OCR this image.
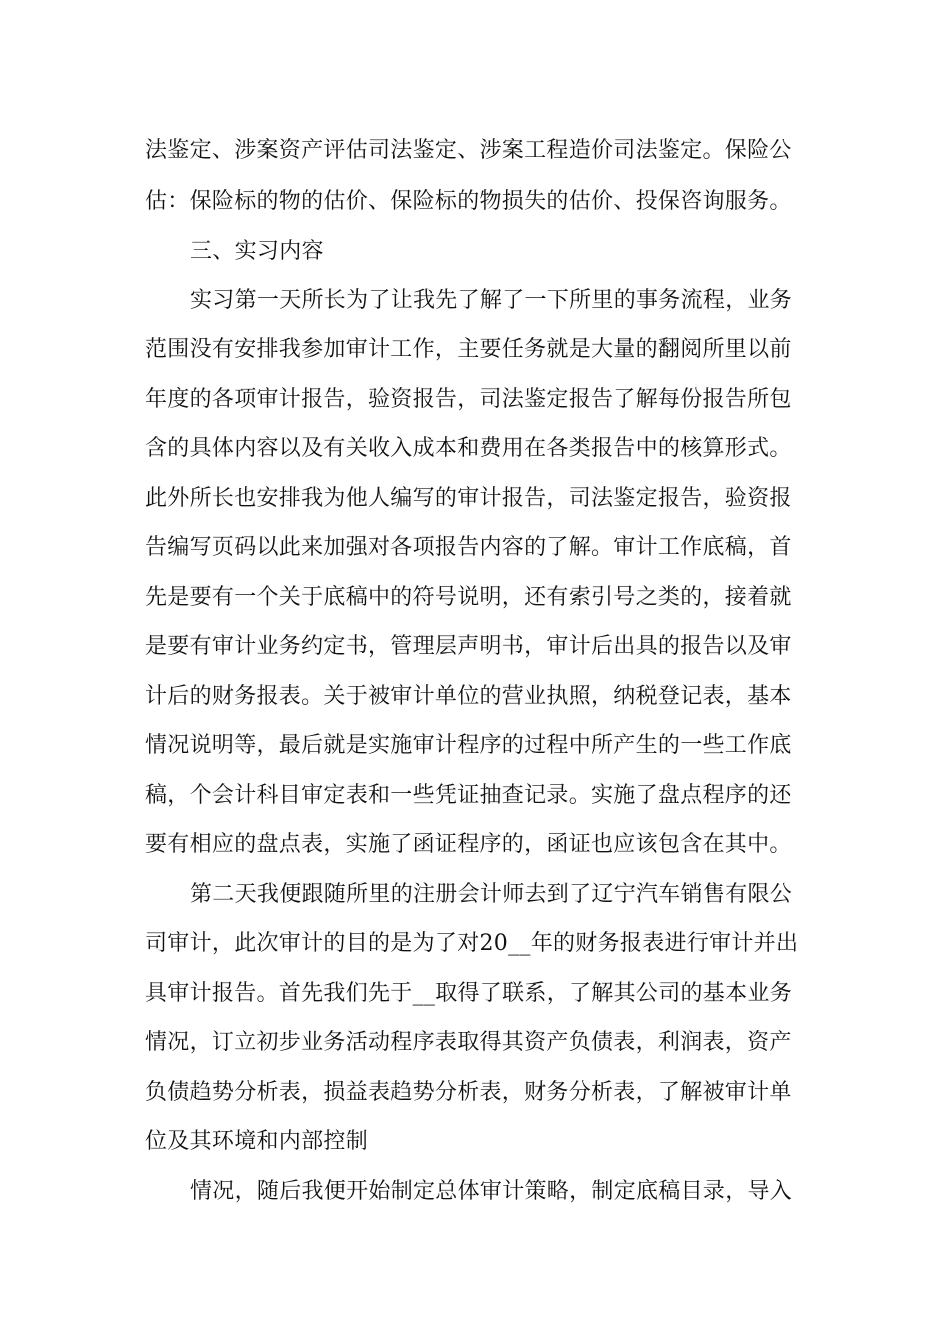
法鉴定、涉案资产评估司法鉴定、涉案工程造价司法鉴定。保险公
估：保险标的物的估价、保险标的物损失的估价、投保咨询服务。
三、实习内容
实习第一天所长为了让我先了解了一下所里的事务流程，业务
范围没有安排我参加审计工作，主要任务就是大量的翻阅所里以前
年度的各项审计报告，验资报告，司法鉴定报告了解每份报告所包
含的具体内容以及有关收入成本和费用在各类报告中的核算形式。
此外所长也安排我为他人编写的审计报告，司法鉴定报告，验资报
告编写页码以此来加强对各项报告内容的了解。审计工作底稿，首
先是要有一个关于底稿中的符号说明，还有索引号之类的，接着就
是要有审计业务约定书，管理层声明书，审计后出具的报告以及审
计后的财务报表。关于被审计单位的营业执照，纳税登记表，基本
情况说明等，最后就是实施审计程序的过程中所产生的一些工作底
稿，个会计科目审定表和一些凭证抽查记录。实施了盘点程序的还
要有相应的盘点表，实施了函证程序的，函证也应该包含在其中。
第二天我便跟随所里的注册会计师去到了辽宁汽车销售有限公
司审计，此次审计的目的是为了对20__年的财务报表进行审计并出
具审计报告。首先我们先于__取得了联系，了解其公司的基本业务
情况，订立初步业务活动程序表取得其资产负债表，利润表，资产
负债趋势分析表，损益表趋势分析表，财务分析表，了解被审计单
位及其环境和内部控制
情况，随后我便开始制定总体审计策略，制定底稿目录，导入
